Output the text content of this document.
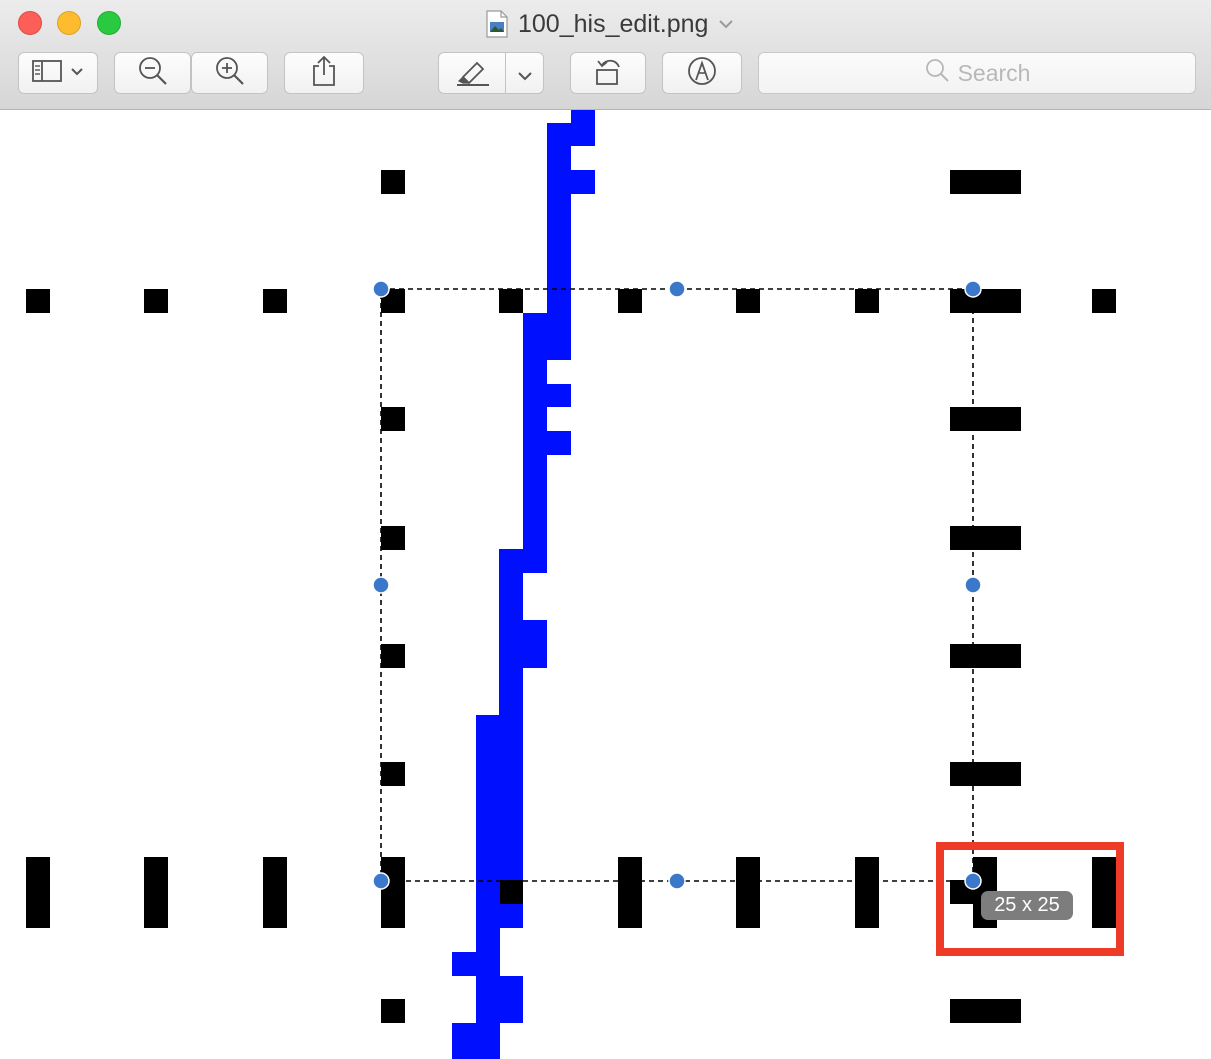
100_his_edit.png
Search
25 x 25
